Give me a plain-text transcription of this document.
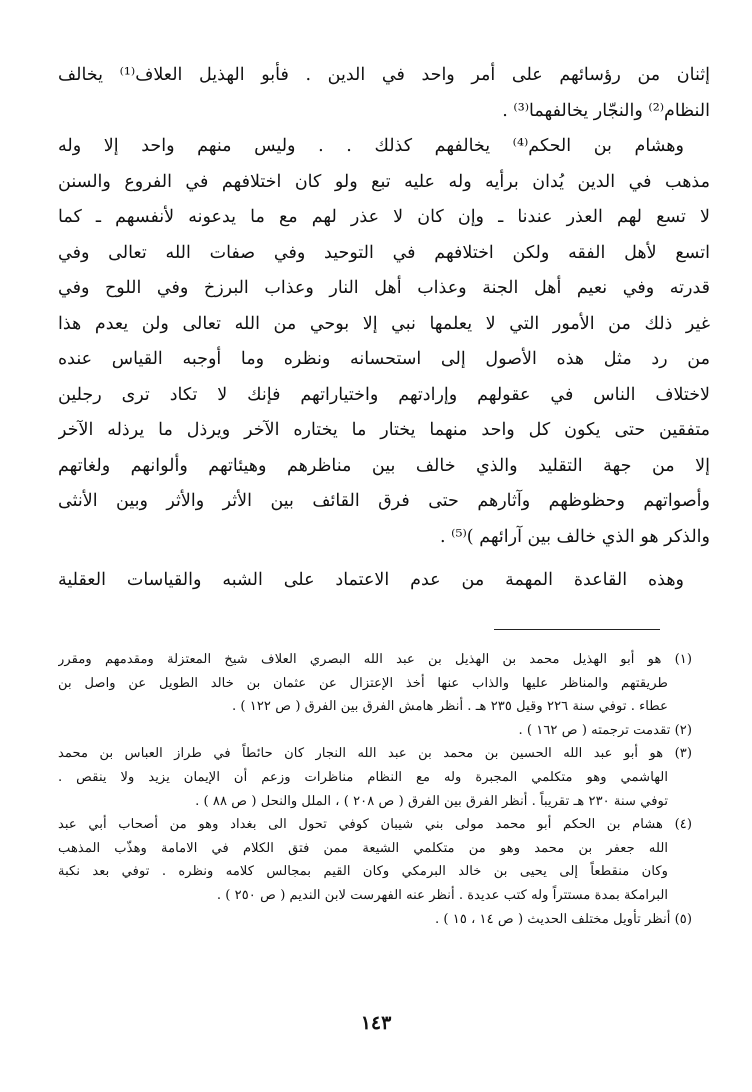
إثنان من رؤسائهم على أمر واحد في الدين . فأبو الهذيل العلاف⁽¹⁾ يخالف
النظام⁽²⁾ والنجّار يخالفهما⁽³⁾ .
وهشام بن الحكم⁽⁴⁾ يخالفهم كذلك . . وليس منهم واحد إلا وله
مذهب في الدين يُدان برأيه وله عليه تبع ولو كان اختلافهم في الفروع والسنن
لا تسع لهم العذر عندنا ـ وإن كان لا عذر لهم مع ما يدعونه لأنفسهم ـ كما
اتسع لأهل الفقه ولكن اختلافهم في التوحيد وفي صفات الله تعالى وفي
قدرته وفي نعيم أهل الجنة وعذاب أهل النار وعذاب البرزخ وفي اللوح وفي
غير ذلك من الأمور التي لا يعلمها نبي إلا بوحي من الله تعالى ولن يعدم هذا
من رد مثل هذه الأصول إلى استحسانه ونظره وما أوجبه القياس عنده
لاختلاف الناس في عقولهم وإرادتهم واختياراتهم فإنك لا تكاد ترى رجلين
متفقين حتى يكون كل واحد منهما يختار ما يختاره الآخر ويرذل ما يرذله الآخر
إلا من جهة التقليد والذي خالف بين مناظرهم وهيئاتهم وألوانهم ولغاتهم
وأصواتهم وحظوظهم وآثارهم حتى فرق القائف بين الأثر والأثر وبين الأنثى
والذكر هو الذي خالف بين آرائهم )⁽⁵⁾ .
وهذه القاعدة المهمة من عدم الاعتماد على الشبه والقياسات العقلية
(١) هو أبو الهذيل محمد بن الهذيل بن عبد الله البصري العلاف شيخ المعتزلة ومقدمهم ومقرر
طريقتهم والمناظر عليها والذاب عنها أخذ الإعتزال عن عثمان بن خالد الطويل عن واصل بن
عطاء . توفي سنة ٢٢٦ وقيل ٢٣٥ هـ . أنظر هامش الفرق بين الفرق ( ص ١٢٢ ) .
(٢) تقدمت ترجمته ( ص ١٦٢ ) .
(٣) هو أبو عبد الله الحسين بن محمد بن عبد الله النجار كان حائطاً في طراز العباس بن محمد
الهاشمي وهو متكلمي المجبرة وله مع النظام مناظرات وزعم أن الإيمان يزيد ولا ينقص .
توفي سنة ٢٣٠ هـ تقريباً . أنظر الفرق بين الفرق ( ص ٢٠٨ ) ، الملل والنحل ( ص ٨٨ ) .
(٤) هشام بن الحكم أبو محمد مولى بني شيبان كوفي تحول الى بغداد وهو من أصحاب أبي عبد
الله جعفر بن محمد وهو من متكلمي الشيعة ممن فتق الكلام في الامامة وهذّب المذهب
وكان منقطعاً إلى يحيى بن خالد البرمكي وكان القيم بمجالس كلامه ونظره . توفي بعد نكبة
البرامكة بمدة مستتراً وله كتب عديدة . أنظر عنه الفهرست لابن النديم ( ص ٢٥٠ ) .
(٥) أنظر تأويل مختلف الحديث ( ص ١٤ ، ١٥ ) .
١٤٣
